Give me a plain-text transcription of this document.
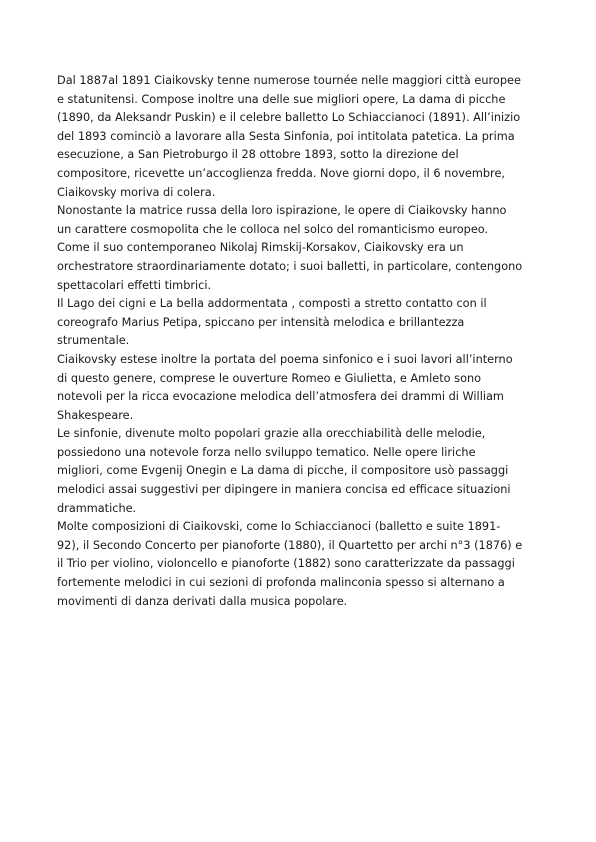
Dal 1887al 1891 Ciaikovsky tenne numerose tournée nelle maggiori città europee
e statunitensi. Compose inoltre una delle sue migliori opere, La dama di picche
(1890, da Aleksandr Puskin) e il celebre balletto Lo Schiaccianoci (1891). All’inizio
del 1893 cominciò a lavorare alla Sesta Sinfonia, poi intitolata patetica. La prima
esecuzione, a San Pietroburgo il 28 ottobre 1893, sotto la direzione del
compositore, ricevette un’accoglienza fredda. Nove giorni dopo, il 6 novembre,
Ciaikovsky moriva di colera.
Nonostante la matrice russa della loro ispirazione, le opere di Ciaikovsky hanno
un carattere cosmopolita che le colloca nel solco del romanticismo europeo.
Come il suo contemporaneo Nikolaj Rimskij-Korsakov, Ciaikovsky era un
orchestratore straordinariamente dotato; i suoi balletti, in particolare, contengono
spettacolari effetti timbrici.
Il Lago dei cigni e La bella addormentata , composti a stretto contatto con il
coreografo Marius Petipa, spiccano per intensità melodica e brillantezza
strumentale.
Ciaikovsky estese inoltre la portata del poema sinfonico e i suoi lavori all’interno
di questo genere, comprese le ouverture Romeo e Giulietta, e Amleto sono
notevoli per la ricca evocazione melodica dell’atmosfera dei drammi di William
Shakespeare.
Le sinfonie, divenute molto popolari grazie alla orecchiabilità delle melodie,
possiedono una notevole forza nello sviluppo tematico. Nelle opere liriche
migliori, come Evgenij Onegin e La dama di picche, il compositore usò passaggi
melodici assai suggestivi per dipingere in maniera concisa ed efficace situazioni
drammatiche.
Molte composizioni di Ciaikovski, come lo Schiaccianoci (balletto e suite 1891-
92), il Secondo Concerto per pianoforte (1880), il Quartetto per archi n°3 (1876) e
il Trio per violino, violoncello e pianoforte (1882) sono caratterizzate da passaggi
fortemente melodici in cui sezioni di profonda malinconia spesso si alternano a
movimenti di danza derivati dalla musica popolare.
